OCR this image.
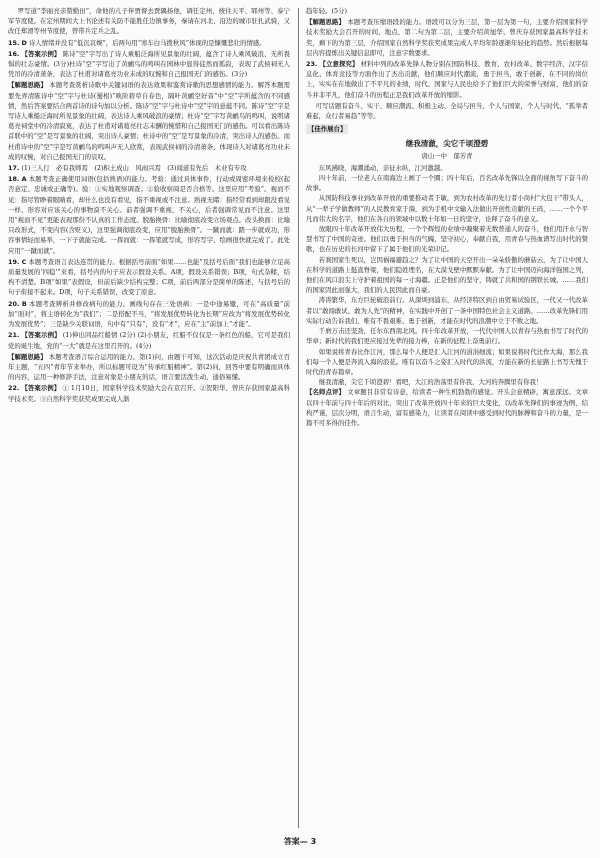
罗写道“李丽亮亲赞勤田”，命他的儿子伴贾督去贾隅扬他，调任定州，统住天平、郓州等、泰宁军节度使。在定州期间大上书论述有关防不能胜任边镇事务，秦请在河北、沿边的城市驻扎武骑，又改任郑滑等州节度使，曾带兵定兵之乱。

15. D 诗人情绪并没有“低沉哀婉”，后两句用“寒车白马拨秋风”体现的是慷慨悲壮的情感。

16. 【答案示例】 陈诗“空”字写出了诗人乘船泛海所见景象的壮阔，蕴含了诗人乘风破浪、无所畏惧的壮志豪情。(3分)杜诗“空”字写出了黄鹂鸟的鸣叫在园林中显得徒然而孤寂，表现了武侯祠无人凭吊的冷清萧条，表达了杜甫对诸葛亮功业未成的叹惋和自己报国无门的感伤。(3分)

【解题思路】 本题考查赏析诗歌中关键词语的表达效果和鉴赏诗歌的思想感情的能力。解答本题需要先弄清陈诗中“空”字与杜诗(蜀相)“映阶碧草自春色，隔叶黄鹂空好音”中“空”字所蕴含的不同感情，然后答案要结合两首诗的诗句加以分析。陈诗“空”字与杜诗中“空”字的意蕴不同。陈诗“空”字是写诗人乘船泛海时所见景象的壮阔，表达诗人乘风破浪的豪情；杜诗“空”字写黄鹂鸟的鸣叫，说明诸葛亮祠堂中的冷清寂寞，表达了杜甫对诸葛亮壮志未酬的惋惜和自己报国无门的感伤。可以看出陈诗首联中的“空”是写景象的壮阔，突出诗人豪情；杜诗中的“空”是写景象的冷清，突出诗人的感伤。而杜甫诗中的“空”字是写黄鹂鸟的鸣叫声无人欣赏，表现武侯祠的冷清萧条，体现诗人对诸葛亮功业未成的叹惋，对自己报国无门的哀叹。

17. (1)三人行　必有我师焉　(2)积土成山　风雨兴焉　(3)闻道有先后　术业有专攻

18. A 本题考查正确使用词语(包括熟语)的能力。考验：通过具体事件，行动或周密环境来检校(起否意定、忠诚或正确等)。验：①实地观察调查；②验收察阅是否合格等。这里应用“考验”。视而不见：指尽管睁着眼睛看，却什么也没有看见，指不重视或不注意。熟视无睹：指经常看到却跟没看见一样，形容对应该关心的事物漠不关心。前者强调不重视，不关心，后者强调常见而不注意。这里用“视而不见”更能表现那份不认真的工作态度。脱胎换骨：比喻彻底改变立场观点。改头换面：比喻只改形式，不变内容(含贬义)，这里强调彻底改变，应用“脱胎换骨”。一蹴而就：踏一步就成功，形容事情轻而易举，一下子就能完成。一挥而就：一挥笔就写成，形容写字、绘画很快就完成了。此处应用“一蹴而就”。

19. C 本题考查语言表达连贯的能力。根据括号前面“如果……也能”及括号后面“我们也能够立足高质量发展的‘四稳’”来看，括号内的句子应表示假设关系。A项，假设关系错误；B项，句式杂糅，结构不清楚。B项“如果”表假设，但前后缺少结构完整；C项，前后两部分是简单的陈述，与括号后的句子衔接不起来。D项，句子关系错误，改变了原意。

20. B 本题考查辨析并修改病句的能力。画线句存在三处语病：一是中途易辙，可在“高质量”前加“面对”，将主语转化为“我们”；二是搭配不当，“将发展优势转化为长期”应改为“将发展优势转化为发展优势”；三是缺少关联词语，句中有“只有”，没有“才”，应在“主”前加上“才能”。

21. 【答案示例】 (1)伸出同品红船情 (2分) (2)小朋友，红船不仅仅是一条红色的船，它可是我们党的诞生地，党的“一大”就是在这里召开的。(4分)

【解题思路】 本题考查语言综合运用的能力。第(1)问，由题干可知，这次活动是庆祝共青团成立百年主题，“五四”青年节来举办，所以标题可设为“传承红船精神”。第(2)问，回答中要有明确而具体的内容，运用一种修辞手法，注意对象是小朋友的话，语言要活泼生动、通俗易懂。

22. 【答案示例】 ① 1月10日，国家科学技术奖励大会在京召开。②贺阳华、曾庆存获国家最高科学技术奖。③自然科学奖获奖成果完成人渐

趋年轻。(5分)

【解题思路】 本题考查压缩语段的能力。语段可以分为三层，第一层为第一句，主要介绍国家科学技术奖励大会召开的时间、地点，第二句为第二层，主要介绍黄旭华、曾庆存获国家最高科学技术奖，剩下的为第三层，介绍国家自然科学奖获奖成果完成人平均年龄逐渐年轻化的趋势。然后根据每层内容提炼出关键信息即可，注意字数要求。

23. 【立意探究】 材料中列的改革先锋人物分别在国防科技、教育、农村改革、数字经济、汉字信息化、体育竞技等方面作出了杰出贡献，他们顺应时代潮流，勇于担当，敢于创新，在不同的岗位上，实实在在地做出了不平凡的业绩，时代、国家与人民也给予了他们巨大的荣誉与财富，他们的奋斗并非平凡，他们奋斗的历程正是我们改革开放的缩影。

可写话题有奋斗、实干、顺应潮流、积极主动、全局与担当、个人与国家，个人与时代、“孤举者难起，众行者易趋”等等。

【佳作展台】
继我清澈，尖它千顷澄碧
唐山一中　郁芳青

东风拂晓，海潮涌动，亲征水纵，江河激越。

四十年前，一位老人在南海边上画了一个圈；四十年后，百名改革先锋以全面的视角写下奋斗的故事。

从国防科技事业到改革开放的重要推动者于敏，到为农村改革的先行者小岗村“大包干”带头人，从“一辈子学做教师”的人民教育家于漪，到为手机中文输入法做出开创性贡献的王码，……一个个平凡而伟大的名字，他们在各自的领域中以数十年如一日的坚守，诠释了奋斗的意义。

放眼四十年改革开放伟大历程，一个个辉煌的业绩中凝聚着无数普通人的奋斗，他们用汗水与智慧书写了中国的奇迹。他们以勇于担当的气魄，坚守初心，奉献自我，用青春与热血谱写出时代的赞歌，也在历史的长河中留下了属于他们的光荣印记。

若刹国家生死以，岂因祸福避趋之？为了让中国的天空开出一朵朵骄傲的蘑菇云，为了让中国人在科学的道路上挺直脊梁，他们隐姓埋名，在大漠戈壁中默默奉献。为了让中国迈向海洋强国之列，他们在风口浪尖上守护着祖国的每一寸海疆。正是他们的坚守，铸就了共和国的钢铁长城。……我们的国家因此而强大，我们的人民因此而自豪。

涛涛繁华，东方巨轮破浪前行。从深圳到浦东，从经济特区到自由贸易试验区，一代又一代改革者以“敢闯敢试、敢为人先”的精神，在实践中开创了一条中国特色社会主义道路。……改革先锋们用实际行动告诉我们，唯有不畏艰难、勇于创新，才能在时代的浪潮中立于不败之地。

千磨万击还坚劲，任尔东西南北风。四十年改革开放，一代代中国人以青春与热血书写了时代的华章；新时代的我们更应接过先辈的接力棒，在新的征程上奋勇前行。

如果说将青春比作江河，那么每个人便是汇入江河的涓涓细流；如果说将时代比作大海，那么我们每一个人便是奔流入海的浪花。唯有以奋斗之姿汇入时代的洪流，方能在新的长征路上书写无愧于时代的青春篇章。

继我清澈，尖它千顷澄碧！看吧，大江的浩荡里有你我，大河的奔腾里有你我！

【名师点评】 文章题目非常有诗意，给读者一种生机勃勃的感觉。开头会意精辟，寓意深远。文章以四十年前与四十年后的对比，突出了改革开放四十年来的巨大变化，以改革先锋们的事迹为例，结构严谨，层次分明，语言生动，富有感染力，让读者在阅读中感受到时代的脉搏和奋斗的力量，是一篇不可多得的佳作。

答案— 3
